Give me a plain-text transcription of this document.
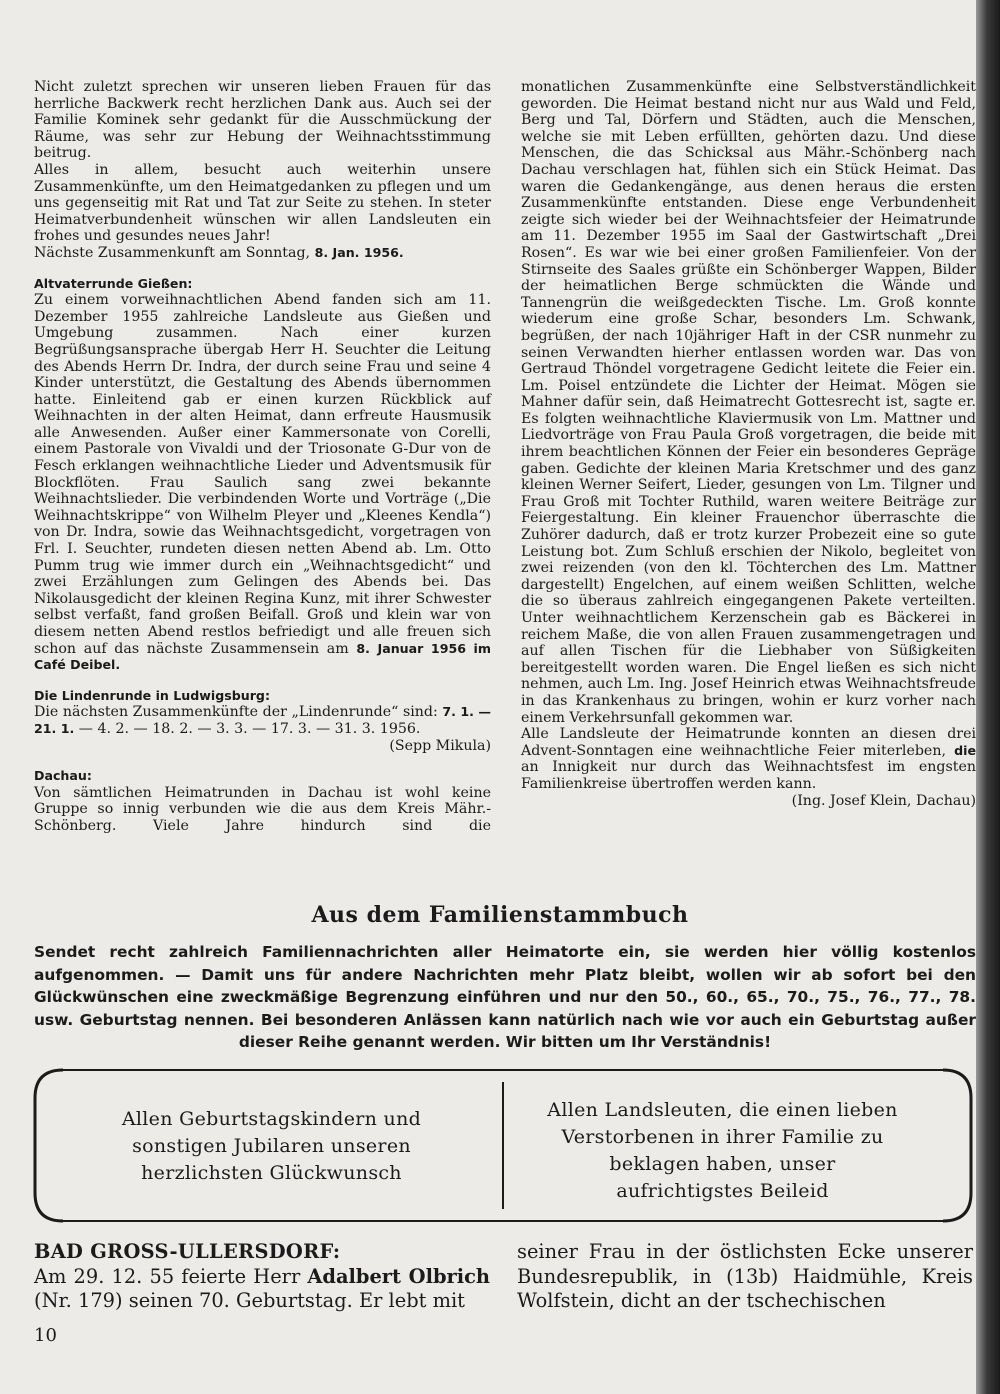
Nicht zuletzt sprechen wir unseren lieben Frauen für das herrliche Backwerk recht herzlichen Dank aus. Auch sei der Familie Kominek sehr gedankt für die Ausschmückung der Räume, was sehr zur Hebung der Weihnachtsstimmung beitrug.

Alles in allem, besucht auch weiterhin unsere Zusammenkünfte, um den Heimatgedanken zu pflegen und um uns gegenseitig mit Rat und Tat zur Seite zu stehen. In steter Heimatverbundenheit wünschen wir allen Landsleuten ein frohes und gesundes neues Jahr!

Nächste Zusammenkunft am Sonntag, 8. Jan. 1956.

Altvaterrunde Gießen:

Zu einem vorweihnachtlichen Abend fanden sich am 11. Dezember 1955 zahlreiche Landsleute aus Gießen und Umgebung zusammen. Nach einer kurzen Begrüßungsansprache übergab Herr H. Seuchter die Leitung des Abends Herrn Dr. Indra, der durch seine Frau und seine 4 Kinder unterstützt, die Gestaltung des Abends übernommen hatte. Einleitend gab er einen kurzen Rückblick auf Weihnachten in der alten Heimat, dann erfreute Hausmusik alle Anwesenden. Außer einer Kammersonate von Corelli, einem Pastorale von Vivaldi und der Triosonate G-Dur von de Fesch erklangen weihnachtliche Lieder und Adventsmusik für Blockflöten. Frau Saulich sang zwei bekannte Weihnachtslieder. Die verbindenden Worte und Vorträge („Die Weihnachtskrippe“ von Wilhelm Pleyer und „Kleenes Kendla“) von Dr. Indra, sowie das Weihnachtsgedicht, vorgetragen von Frl. I. Seuchter, rundeten diesen netten Abend ab. Lm. Otto Pumm trug wie immer durch ein „Weihnachtsgedicht“ und zwei Erzählungen zum Gelingen des Abends bei. Das Nikolausgedicht der kleinen Regina Kunz, mit ihrer Schwester selbst verfaßt, fand großen Beifall. Groß und klein war von diesem netten Abend restlos befriedigt und alle freuen sich schon auf das nächste Zusammensein am 8. Januar 1956 im Café Deibel.

Die Lindenrunde in Ludwigsburg:

Die nächsten Zusammenkünfte der „Lindenrunde“ sind: 7. 1. — 21. 1. — 4. 2. — 18. 2. — 3. 3. — 17. 3. — 31. 3. 1956.
(Sepp Mikula)

Dachau:

Von sämtlichen Heimatrunden in Dachau ist wohl keine Gruppe so innig verbunden wie die aus dem Kreis Mähr.-Schönberg. Viele Jahre hindurch sind die

monatlichen Zusammenkünfte eine Selbstverständlichkeit geworden. Die Heimat bestand nicht nur aus Wald und Feld, Berg und Tal, Dörfern und Städten, auch die Menschen, welche sie mit Leben erfüllten, gehörten dazu. Und diese Menschen, die das Schicksal aus Mähr.-Schönberg nach Dachau verschlagen hat, fühlen sich ein Stück Heimat. Das waren die Gedankengänge, aus denen heraus die ersten Zusammenkünfte entstanden. Diese enge Verbundenheit zeigte sich wieder bei der Weihnachtsfeier der Heimatrunde am 11. Dezember 1955 im Saal der Gastwirtschaft „Drei Rosen“. Es war wie bei einer großen Familienfeier. Von der Stirnseite des Saales grüßte ein Schönberger Wappen, Bilder der heimatlichen Berge schmückten die Wände und Tannengrün die weißgedeckten Tische. Lm. Groß konnte wiederum eine große Schar, besonders Lm. Schwank, begrüßen, der nach 10jähriger Haft in der CSR nunmehr zu seinen Verwandten hierher entlassen worden war. Das von Gertraud Thöndel vorgetragene Gedicht leitete die Feier ein. Lm. Poisel entzündete die Lichter der Heimat. Mögen sie Mahner dafür sein, daß Heimatrecht Gottesrecht ist, sagte er. Es folgten weihnachtliche Klaviermusik von Lm. Mattner und Liedvorträge von Frau Paula Groß vorgetragen, die beide mit ihrem beachtlichen Können der Feier ein besonderes Gepräge gaben. Gedichte der kleinen Maria Kretschmer und des ganz kleinen Werner Seifert, Lieder, gesungen von Lm. Tilgner und Frau Groß mit Tochter Ruthild, waren weitere Beiträge zur Feiergestaltung. Ein kleiner Frauenchor überraschte die Zuhörer dadurch, daß er trotz kurzer Probezeit eine so gute Leistung bot. Zum Schluß erschien der Nikolo, begleitet von zwei reizenden (von den kl. Töchterchen des Lm. Mattner dargestellt) Engelchen, auf einem weißen Schlitten, welche die so überaus zahlreich eingegangenen Pakete verteilten. Unter weihnachtlichem Kerzenschein gab es Bäckerei in reichem Maße, die von allen Frauen zusammengetragen und auf allen Tischen für die Liebhaber von Süßigkeiten bereitgestellt worden waren. Die Engel ließen es sich nicht nehmen, auch Lm. Ing. Josef Heinrich etwas Weihnachtsfreude in das Krankenhaus zu bringen, wohin er kurz vorher nach einem Verkehrsunfall gekommen war.

Alle Landsleute der Heimatrunde konnten an diesen drei Advent-Sonntagen eine weihnachtliche Feier miterleben, die an Innigkeit nur durch das Weihnachtsfest im engsten Familienkreise übertroffen werden kann.
(Ing. Josef Klein, Dachau)

Aus dem Familienstammbuch
Sendet recht zahlreich Familiennachrichten aller Heimatorte ein, sie werden hier völlig kostenlos aufgenommen. — Damit uns für andere Nachrichten mehr Platz bleibt, wollen wir ab sofort bei den Glückwünschen eine zweckmäßige Begrenzung einführen und nur den 50., 60., 65., 70., 75., 76., 77., 78. usw. Geburtstag nennen. Bei besonderen Anlässen kann natürlich nach wie vor auch ein Geburtstag außer dieser Reihe genannt werden. Wir bitten um Ihr Verständnis!
Allen Geburtstagskindern und sonstigen Jubilaren unseren herzlichsten Glückwunsch
Allen Landsleuten, die einen lieben Verstorbenen in ihrer Familie zu beklagen haben, unser aufrichtigstes Beileid

BAD GROSS-ULLERSDORF:

Am 29. 12. 55 feierte Herr Adalbert Olbrich (Nr. 179) seinen 70. Geburtstag. Er lebt mit

seiner Frau in der östlichsten Ecke unserer Bundesrepublik, in (13b) Haidmühle, Kreis Wolfstein, dicht an der tschechischen

10
